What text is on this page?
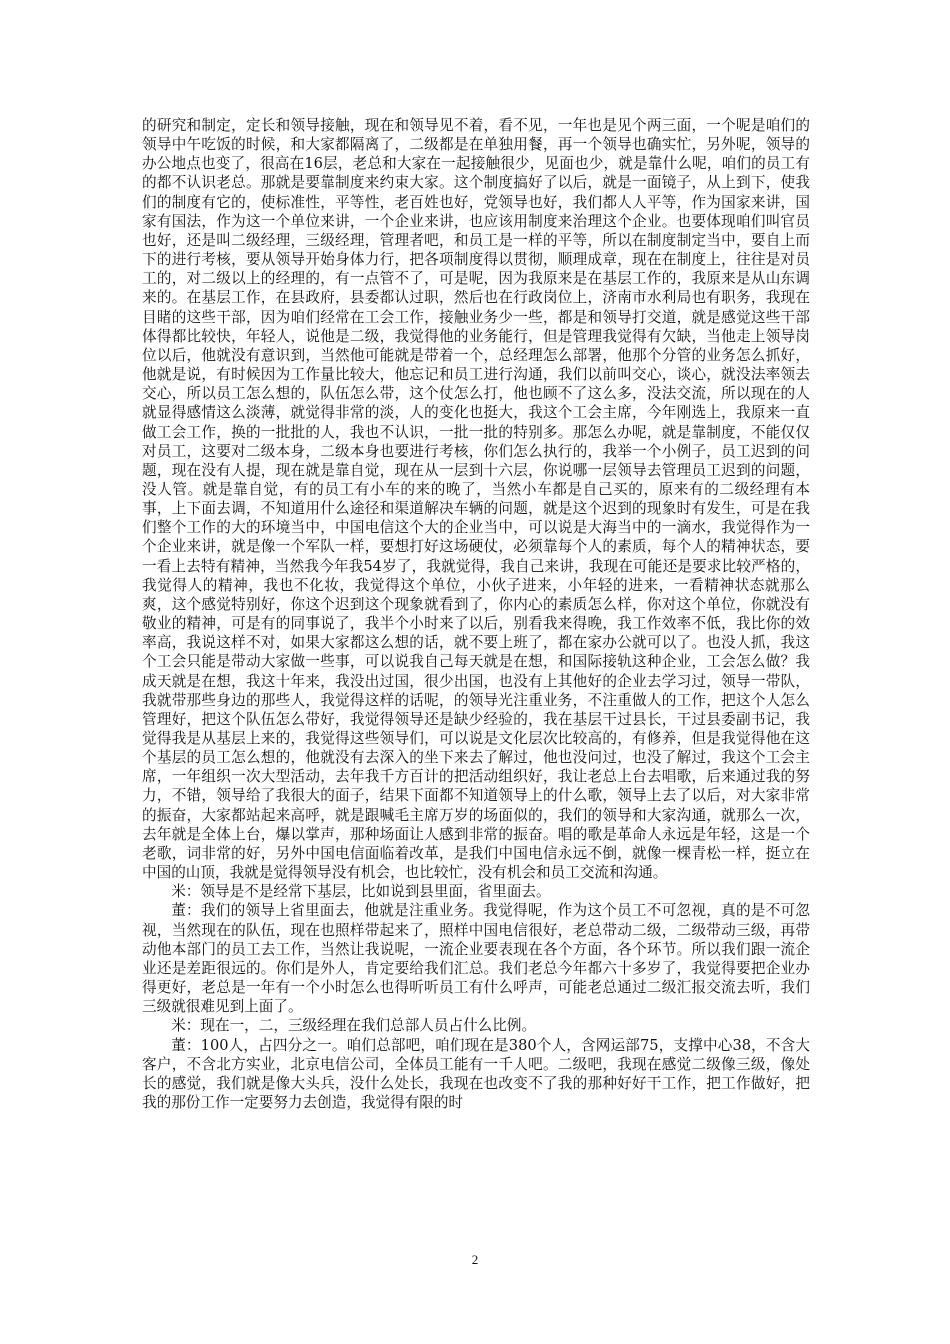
的研究和制定，定长和领导接触，现在和领导见不着，看不见，一年也是见个两三面，一个呢是咱们的领导中午吃饭的时候，和大家都隔离了，二级都是在单独用餐，再一个领导也确实忙，另外呢，领导的办公地点也变了，很高在16层，老总和大家在一起接触很少，见面也少，就是靠什么呢，咱们的员工有的都不认识老总。那就是要靠制度来约束大家。这个制度搞好了以后，就是一面镜子，从上到下，使我们的制度有它的，使标准性，平等性，老百姓也好，党领导也好，我们都人人平等，作为国家来讲，国家有国法，作为这一个单位来讲，一个企业来讲，也应该用制度来治理这个企业。也要体现咱们叫官员也好，还是叫二级经理，三级经理，管理者吧，和员工是一样的平等，所以在制度制定当中，要自上而下的进行考核，要从领导开始身体力行，把各项制度得以贯彻，顺理成章，现在在制度上，往往是对员工的，对二级以上的经理的，有一点管不了，可是呢，因为我原来是在基层工作的，我原来是从山东调来的。在基层工作，在县政府，县委都认过职，然后也在行政岗位上，济南市水利局也有职务，我现在目睹的这些干部，因为咱们经常在工会工作，接触业务少一些，都是和领导打交道，就是感觉这些干部体得都比较快，年轻人，说他是二级，我觉得他的业务能行，但是管理我觉得有欠缺，当他走上领导岗位以后，他就没有意识到，当然他可能就是带着一个，总经理怎么部署，他那个分管的业务怎么抓好，他就是说，有时候因为工作量比较大，他忘记和员工进行沟通，我们以前叫交心，谈心，就没法率领去交心，所以员工怎么想的，队伍怎么带，这个仗怎么打，他也顾不了这么多，没法交流，所以现在的人就显得感情这么淡薄，就觉得非常的淡，人的变化也挺大，我这个工会主席，今年刚选上，我原来一直做工会工作，换的一批批的人，我也不认识，一批一批的特别多。那怎么办呢，就是靠制度，不能仅仅对员工，这要对二级本身，二级本身也要进行考核，你们怎么执行的，我举一个小例子，员工迟到的问题，现在没有人提，现在就是靠自觉，现在从一层到十六层，你说哪一层领导去管理员工迟到的问题，没人管。就是靠自觉，有的员工有小车的来的晚了，当然小车都是自己买的，原来有的二级经理有本事，上下面去调，不知道用什么途径和渠道解决车辆的问题，就是这个迟到的现象时有发生，可是在我们整个工作的大的环境当中，中国电信这个大的企业当中，可以说是大海当中的一滴水，我觉得作为一个企业来讲，就是像一个军队一样，要想打好这场硬仗，必须靠每个人的素质，每个人的精神状态，要一看上去特有精神，当然我今年我54岁了，我就觉得，我自己来讲，我现在可能还是要求比较严格的，我觉得人的精神，我也不化妆，我觉得这个单位，小伙子进来，小年轻的进来，一看精神状态就那么爽，这个感觉特别好，你这个迟到这个现象就看到了，你内心的素质怎么样，你对这个单位，你就没有敬业的精神，可是有的同事说了，我半个小时来了以后，别看我来得晚，我工作效率不低，我比你的效率高，我说这样不对，如果大家都这么想的话，就不要上班了，都在家办公就可以了。也没人抓，我这个工会只能是带动大家做一些事，可以说我自己每天就是在想，和国际接轨这种企业，工会怎么做？我成天就是在想，我这十年来，我没出过国，很少出国，也没有上其他好的企业去学习过，领导一带队，我就带那些身边的那些人，我觉得这样的话呢，的领导光注重业务，不注重做人的工作，把这个人怎么管理好，把这个队伍怎么带好，我觉得领导还是缺少经验的，我在基层干过县长，干过县委副书记，我觉得我是从基层上来的，我觉得这些领导们，可以说是文化层次比较高的，有修养，但是我觉得他在这个基层的员工怎么想的，他就没有去深入的坐下来去了解过，他也没问过，也没了解过，我这个工会主席，一年组织一次大型活动，去年我千方百计的把活动组织好，我让老总上台去唱歌，后来通过我的努力，不错，领导给了我很大的面子，结果下面都不知道领导上的什么歌，领导上去了以后，对大家非常的振奋，大家都站起来高呼，就是跟喊毛主席万岁的场面似的，我们的领导和大家沟通，就那么一次，去年就是全体上台，爆以掌声，那种场面让人感到非常的振奋。唱的歌是革命人永远是年轻，这是一个老歌，词非常的好，另外中国电信面临着改革，是我们中国电信永远不倒，就像一棵青松一样，挺立在中国的山顶，我就是觉得领导没有机会，也比较忙，没有机会和员工交流和沟通。

米：领导是不是经常下基层，比如说到县里面，省里面去。

董：我们的领导上省里面去，他就是注重业务。我觉得呢，作为这个员工不可忽视，真的是不可忽视，当然现在的队伍，现在也照样带起来了，照样中国电信很好，老总带动二级，二级带动三级，再带动他本部门的员工去工作，当然让我说呢，一流企业要表现在各个方面，各个环节。所以我们跟一流企业还是差距很远的。你们是外人，肯定要给我们汇总。我们老总今年都六十多岁了，我觉得要把企业办得更好，老总是一年有一个小时怎么也得听听员工有什么呼声，可能老总通过二级汇报交流去听，我们三级就很难见到上面了。

米：现在一，二，三级经理在我们总部人员占什么比例。

董：100人，占四分之一。咱们总部吧，咱们现在是380个人，含网运部75，支撑中心38，不含大客户，不含北方实业，北京电信公司，全体员工能有一千人吧。二级吧，我现在感觉二级像三级，像处长的感觉，我们就是像大头兵，没什么处长，我现在也改变不了我的那种好好干工作，把工作做好，把我的那份工作一定要努力去创造，我觉得有限的时

2
